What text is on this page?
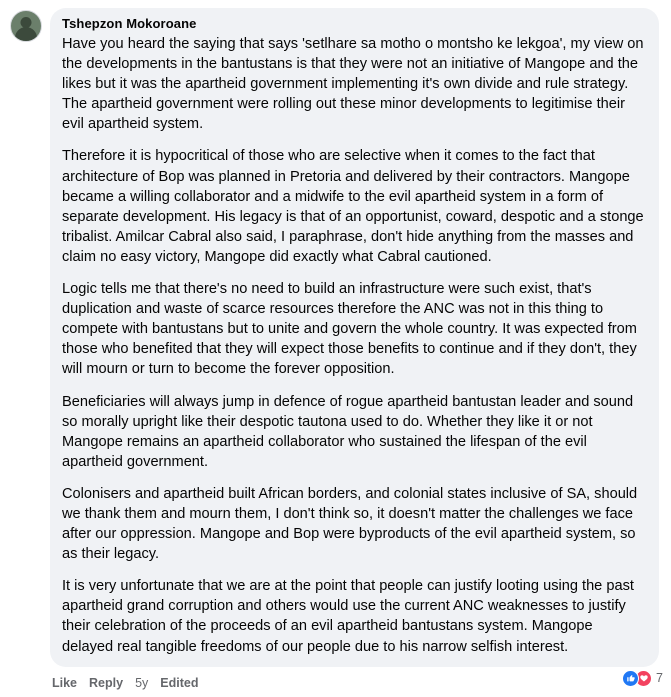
Tshepzon Mokoroane

Have you heard the saying that says 'setlhare sa motho o montsho ke lekgoa', my view on the developments in the bantustans is that they were not an initiative of Mangope and the likes but it was the apartheid government implementing it's own divide and rule strategy. The apartheid government were rolling out these minor developments to legitimise their evil apartheid system.

Therefore it is hypocritical of those who are selective when it comes to the fact that architecture of Bop was planned in Pretoria and delivered by their contractors. Mangope became a willing collaborator and a midwife to the evil apartheid system in a form of separate development. His legacy is that of an opportunist, coward, despotic and a stonge tribalist. Amilcar Cabral also said, I paraphrase, don't hide anything from the masses and claim no easy victory, Mangope did exactly what Cabral cautioned.

Logic tells me that there's no need to build an infrastructure were such exist, that's duplication and waste of scarce resources therefore the ANC was not in this thing to compete with bantustans but to unite and govern the whole country. It was expected from those who benefited that they will expect those benefits to continue and if they don't, they will mourn or turn to become the forever opposition.

Beneficiaries will always jump in defence of rogue apartheid bantustan leader and sound so morally upright like their despotic tautona used to do. Whether they like it or not Mangope remains an apartheid collaborator who sustained the lifespan of the evil apartheid government.

Colonisers and apartheid built African borders, and colonial states inclusive of SA, should we thank them and mourn them, I don't think so, it doesn't matter the challenges we face after our oppression. Mangope and Bop were byproducts of the evil apartheid system, so as their legacy.

It is very unfortunate that we are at the point that people can justify looting using the past apartheid grand corruption and others would use the current ANC weaknesses to justify their celebration of the proceeds of an evil apartheid bantustans system. Mangope delayed real tangible freedoms of our people due to his narrow selfish interest.

Like Reply 5y Edited	7
